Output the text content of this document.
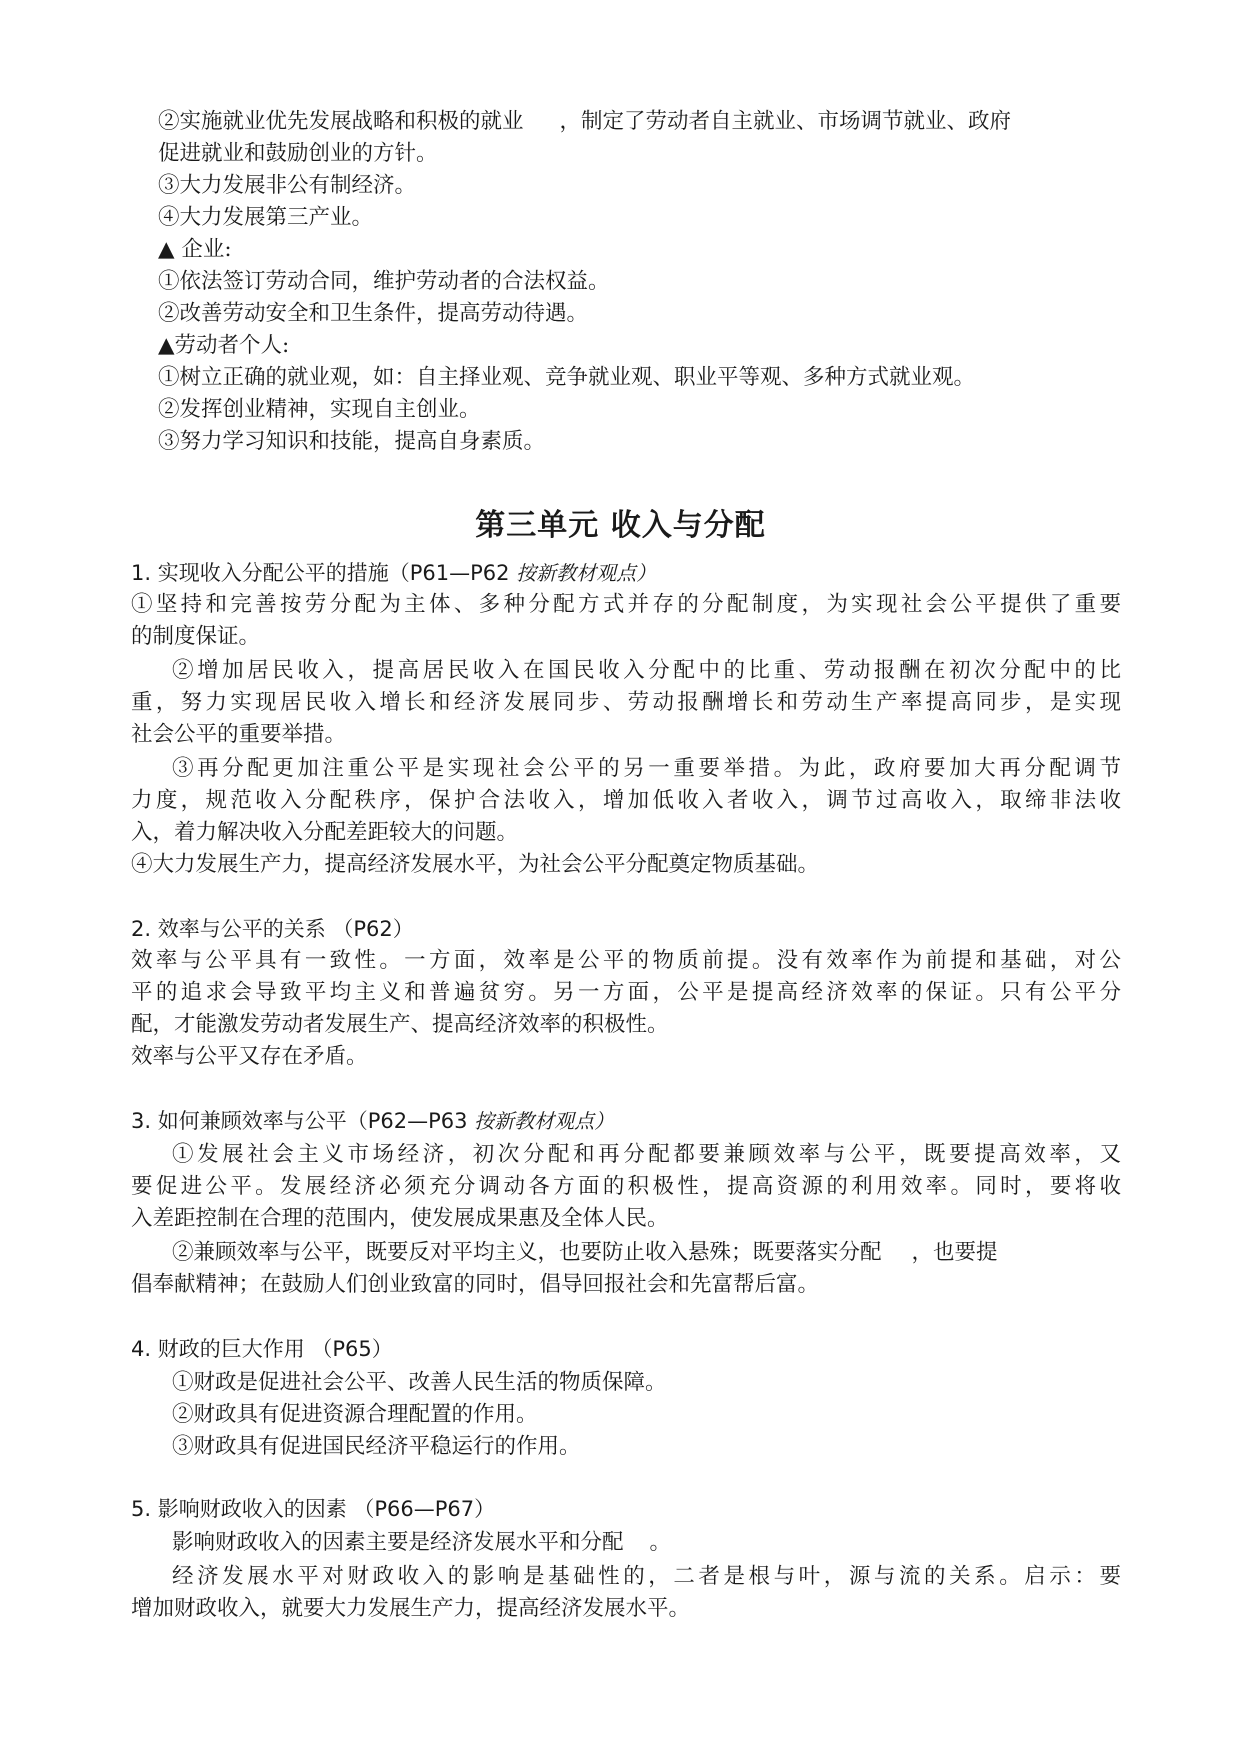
②实施就业优先发展战略和积极的就业 ，制定了劳动者自主就业、市场调节就业、政府
促进就业和鼓励创业的方针。
③大力发展非公有制经济。
④大力发展第三产业。
▲ 企业:
①依法签订劳动合同，维护劳动者的合法权益。
②改善劳动安全和卫生条件，提高劳动待遇。
▲劳动者个人:
①树立正确的就业观，如：自主择业观、竞争就业观、职业平等观、多种方式就业观。
②发挥创业精神，实现自主创业。
③努力学习知识和技能，提高自身素质。
第三单元 收入与分配
1. 实现收入分配公平的措施（P61—P62 按新教材观点）
①坚持和完善按劳分配为主体、多种分配方式并存的分配制度，为实现社会公平提供了重要
的制度保证。
②增加居民收入，提高居民收入在国民收入分配中的比重、劳动报酬在初次分配中的比
重，努力实现居民收入增长和经济发展同步、劳动报酬增长和劳动生产率提高同步，是实现
社会公平的重要举措。
③再分配更加注重公平是实现社会公平的另一重要举措。为此，政府要加大再分配调节
力度，规范收入分配秩序，保护合法收入，增加低收入者收入，调节过高收入，取缔非法收
入，着力解决收入分配差距较大的问题。
④大力发展生产力，提高经济发展水平，为社会公平分配奠定物质基础。
2. 效率与公平的关系 （P62）
效率与公平具有一致性。一方面，效率是公平的物质前提。没有效率作为前提和基础，对公
平的追求会导致平均主义和普遍贫穷。另一方面，公平是提高经济效率的保证。只有公平分
配，才能激发劳动者发展生产、提高经济效率的积极性。
效率与公平又存在矛盾。
3. 如何兼顾效率与公平（P62—P63 按新教材观点）
①发展社会主义市场经济，初次分配和再分配都要兼顾效率与公平，既要提高效率，又
要促进公平。发展经济必须充分调动各方面的积极性，提高资源的利用效率。同时，要将收
入差距控制在合理的范围内，使发展成果惠及全体人民。
②兼顾效率与公平，既要反对平均主义，也要防止收入悬殊；既要落实分配 ，也要提
倡奉献精神；在鼓励人们创业致富的同时，倡导回报社会和先富帮后富。
4. 财政的巨大作用 （P65）
①财政是促进社会公平、改善人民生活的物质保障。
②财政具有促进资源合理配置的作用。
③财政具有促进国民经济平稳运行的作用。
5. 影响财政收入的因素 （P66—P67）
影响财政收入的因素主要是经济发展水平和分配 。
经济发展水平对财政收入的影响是基础性的，二者是根与叶，源与流的关系。启示：要
增加财政收入，就要大力发展生产力，提高经济发展水平。
